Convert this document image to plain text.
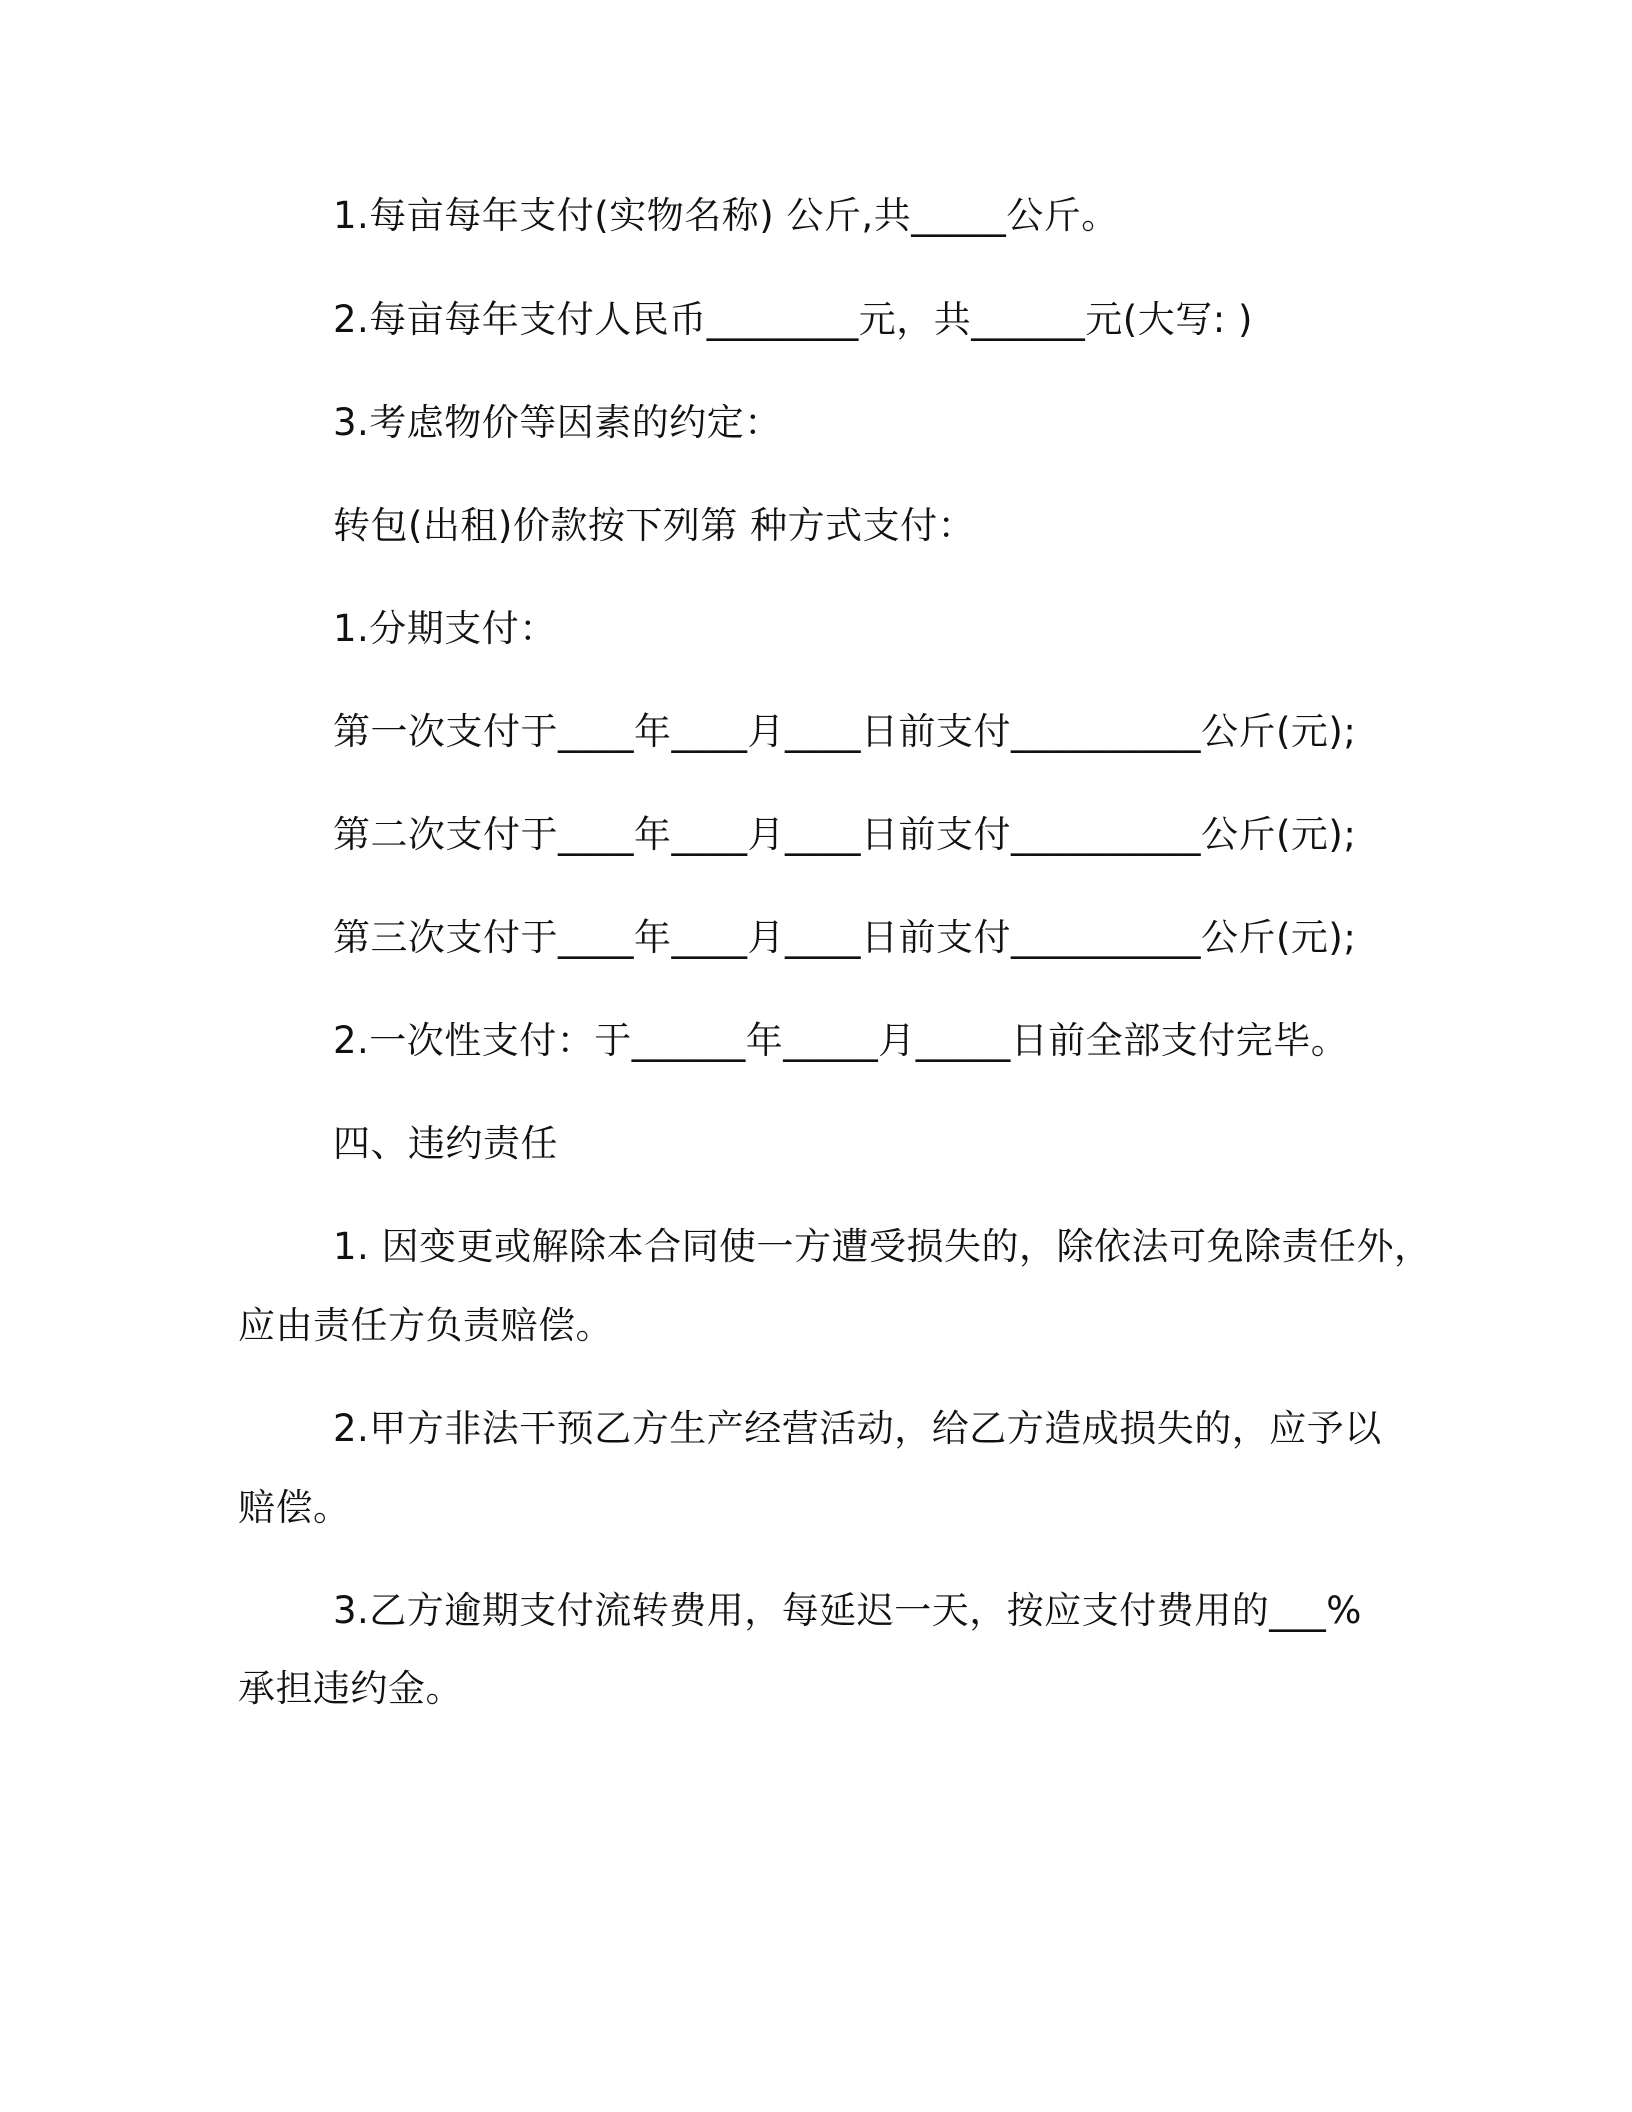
1.每亩每年支付(实物名称) 公斤,共_____公斤。
2.每亩每年支付人民币________元，共______元(大写: )
3.考虑物价等因素的约定：
转包(出租)价款按下列第 种方式支付：
1.分期支付：
第一次支付于____年____月____日前支付__________公斤(元);
第二次支付于____年____月____日前支付__________公斤(元);
第三次支付于____年____月____日前支付__________公斤(元);
2.一次性支付：于______年_____月_____日前全部支付完毕。
四、违约责任
1. 因变更或解除本合同使一方遭受损失的，除依法可免除责任外，
应由责任方负责赔偿。
2.甲方非法干预乙方生产经营活动，给乙方造成损失的，应予以
赔偿。
3.乙方逾期支付流转费用，每延迟一天，按应支付费用的___%
承担违约金。
